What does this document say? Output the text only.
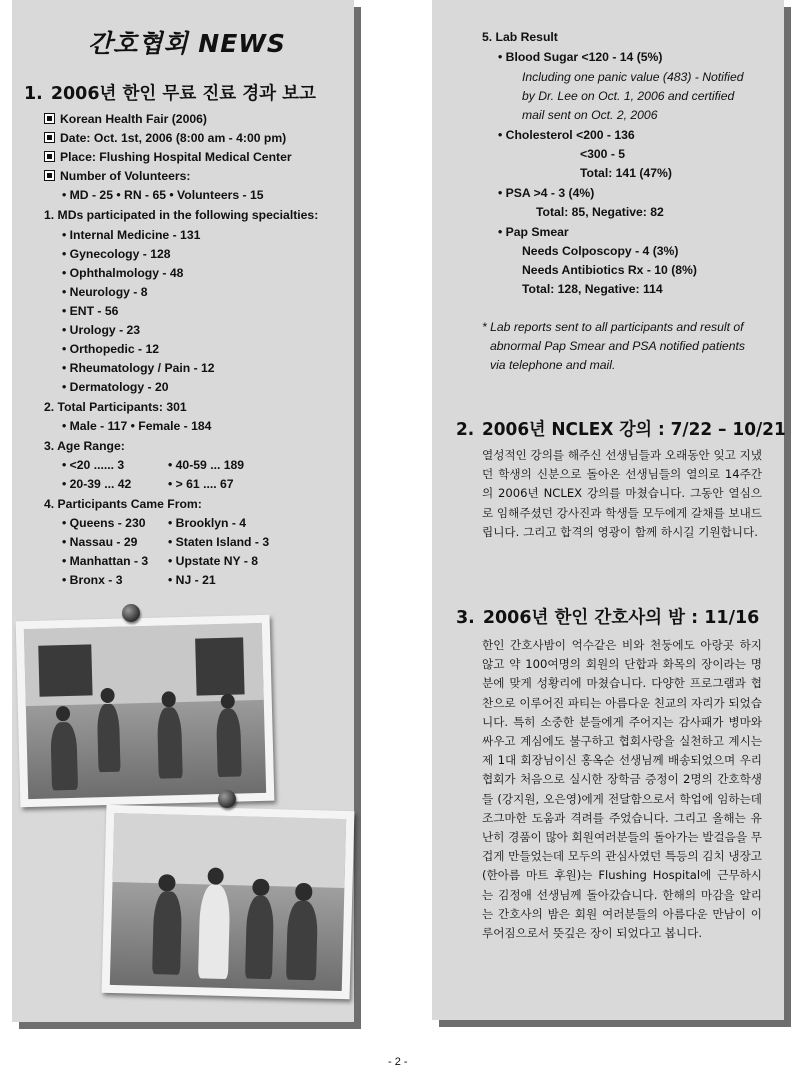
간호협회 NEWS
1. 2006년 한인 무료 진료 경과 보고
Korean Health Fair (2006)
Date: Oct. 1st, 2006 (8:00 am - 4:00 pm)
Place: Flushing Hospital Medical Center
Number of Volunteers:
• MD - 25 • RN - 65 • Volunteers - 15
1. MDs participated in the following specialties:
• Internal Medicine - 131
• Gynecology - 128
• Ophthalmology - 48
• Neurology - 8
• ENT - 56
• Urology - 23
• Orthopedic - 12
• Rheumatology / Pain - 12
• Dermatology - 20
2. Total Participants: 301
• Male - 117 • Female - 184
3. Age Range:
• <20 ...... 3	• 40-59 ... 189
• 20-39 ... 42	• > 61 .... 67
4. Participants Came From:
• Queens - 230 • Brooklyn - 4
• Nassau - 29	• Staten Island - 3
• Manhattan - 3 • Upstate NY - 8
• Bronx - 3	• NJ - 21
5. Lab Result
• Blood Sugar <120 - 14 (5%)
Including one panic value (483) - Notified
by Dr. Lee on Oct. 1, 2006 and certified
mail sent on Oct. 2, 2006
• Cholesterol <200 - 136
<300 - 5
Total: 141 (47%)
• PSA >4 - 3 (4%)
Total: 85, Negative: 82
• Pap Smear
Needs Colposcopy - 4 (3%)
Needs Antibiotics Rx - 10 (8%)
Total: 128, Negative: 114
* Lab reports sent to all participants and result of
abnormal Pap Smear and PSA notified patients
via telephone and mail.
2. 2006년 NCLEX 강의 : 7/22 – 10/21
열성적인 강의를 해주신 선생님들과 오래동안 잊고 지냈던 학생의 신분으로 돌아온 선생님들의 열의로 14주간의 2006년 NCLEX 강의를 마쳤습니다. 그동안 열심으로 임해주셨던 강사진과 학생들 모두에게 갈채를 보내드립니다. 그리고 합격의 영광이 함께 하시길 기원합니다.
3. 2006년 한인 간호사의 밤 : 11/16
한인 간호사밤이 억수같은 비와 천둥에도 아랑곳 하지 않고 약 100여명의 회원의 단합과 화목의 장이라는 명분에 맞게 성황리에 마쳤습니다. 다양한 프로그램과 협찬으로 이루어진 파티는 아름다운 친교의 자리가 되었습니다. 특히 소중한 분들에게 주어지는 감사패가 병마와 싸우고 계심에도 불구하고 협회사랑을 실천하고 계시는 제 1대 회장님이신 홍옥순 선생님께 배송되었으며 우리협회가 처음으로 실시한 장학금 증정이 2명의 간호학생들 (강지원, 오은영)에게 전달함으로서 학업에 임하는데 조그마한 도움과 격려를 주었습니다. 그리고 올해는 유난히 경품이 많아 회원여러분들의 돌아가는 발걸음을 무겁게 만들었는데 모두의 관심사였던 특등의 김치 냉장고(한아름 마트 후원)는 Flushing Hospital에 근무하시는 김정애 선생님께 돌아갔습니다. 한해의 마감을 알리는 간호사의 밤은 회원 여러분들의 아름다운 만남이 이루어짐으로서 뜻깊은 장이 되었다고 봅니다.
- 2 -
